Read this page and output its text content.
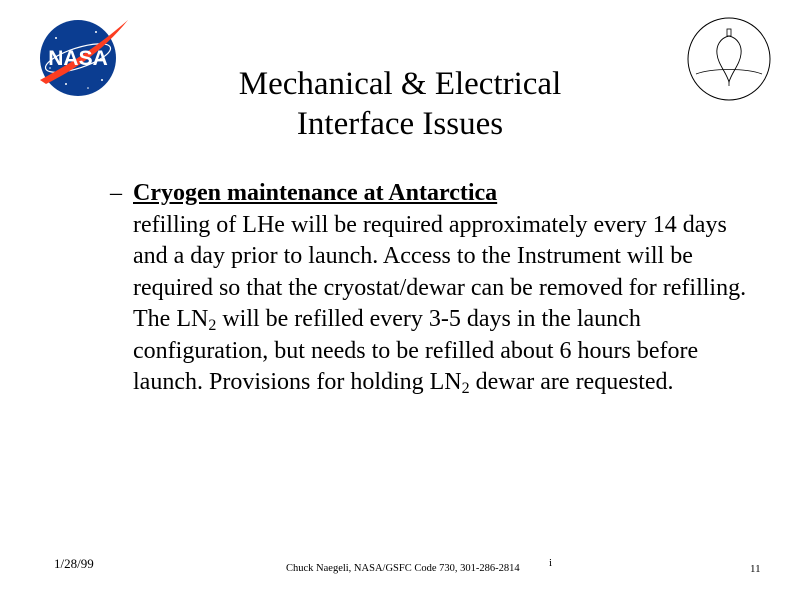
NASA
Mechanical & Electrical
Interface Issues
– Cryogen maintenance at Antarctica
refilling of LHe will be required approximately every 14 days and a day prior to launch. Access to the Instrument will be required so that the cryostat/dewar can be removed for refilling. The $LN_2$ will be refilled every 3-5 days in the launch configuration, but needs to be refilled about 6 hours before launch. Provisions for holding $LN_2$ dewar are requested.
1/28/99	Chuck Naegeli, NASA/GSFC Code 730, 301-286-2814	i	11
